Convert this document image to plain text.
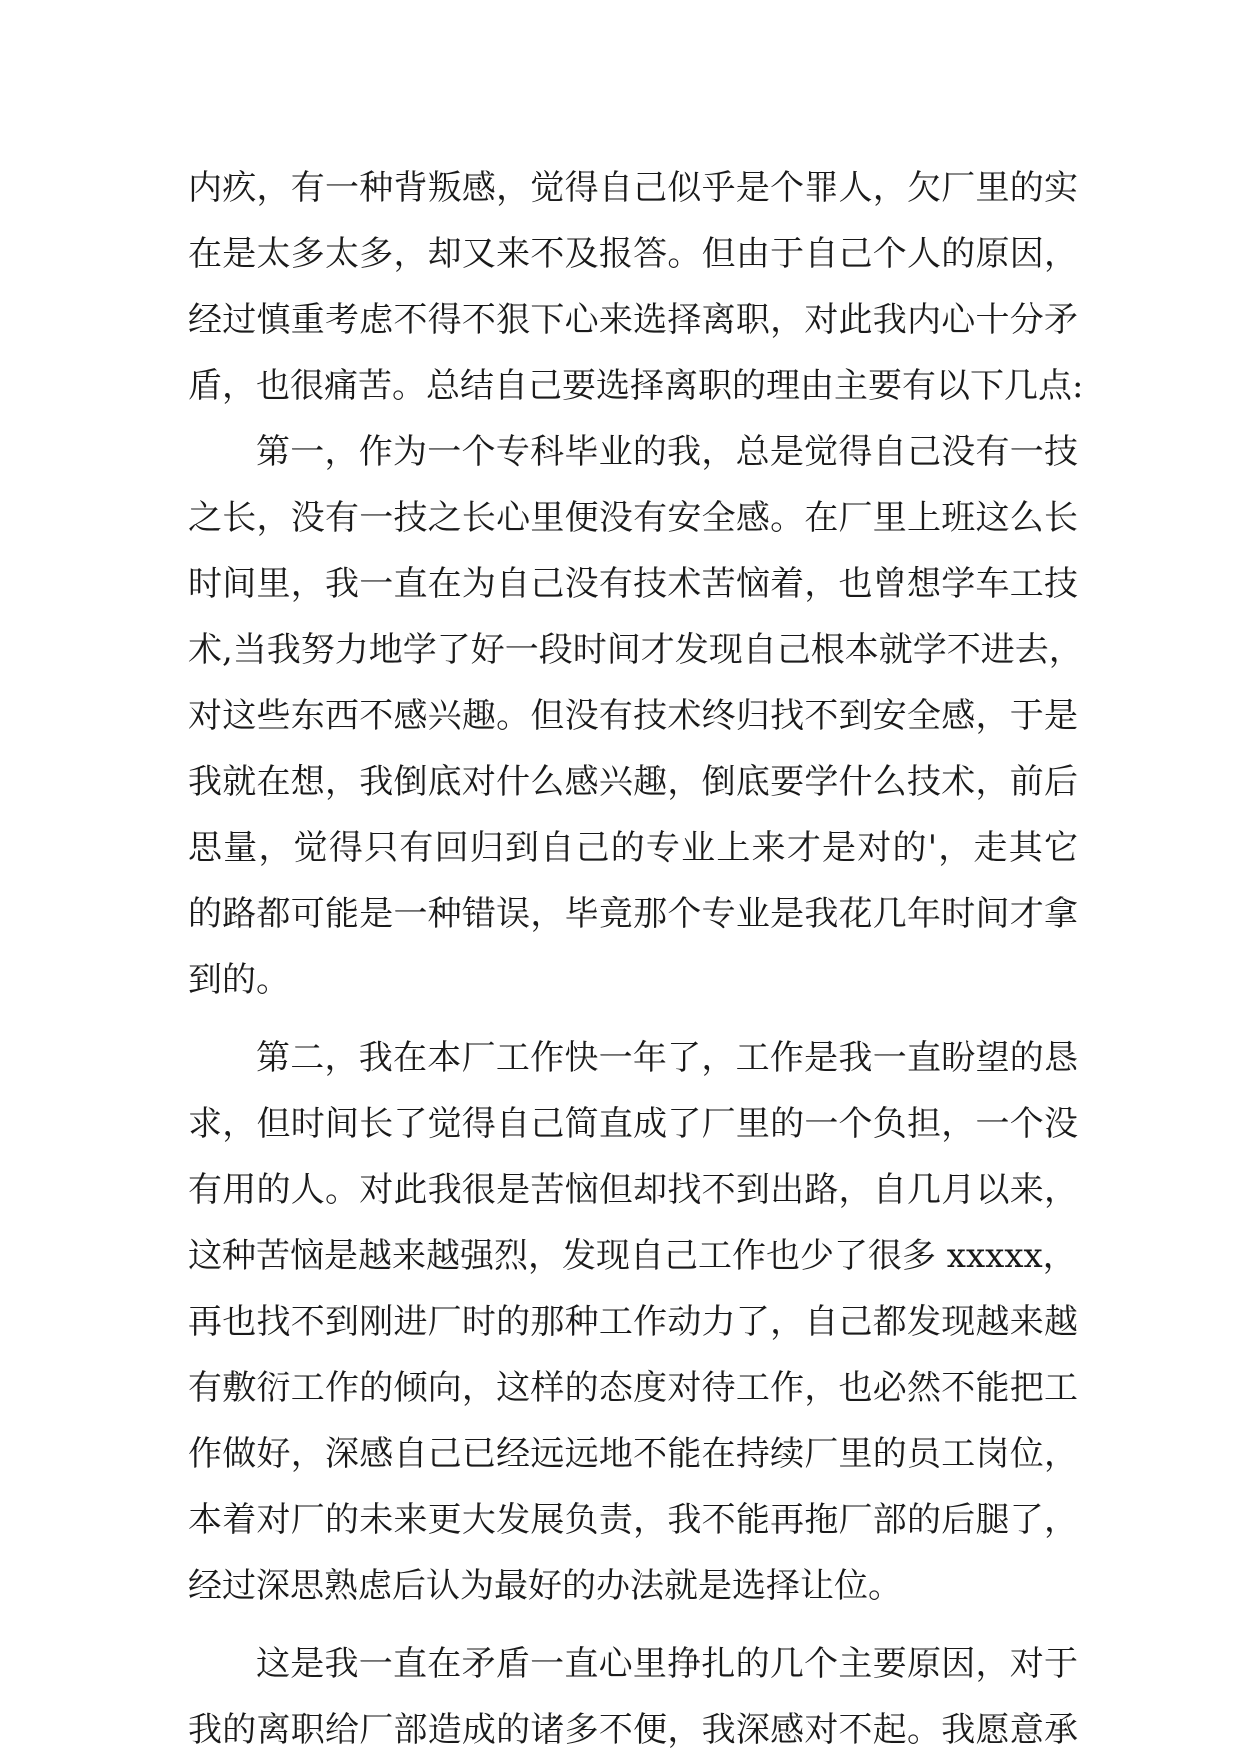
内疚，有一种背叛感，觉得自己似乎是个罪人，欠厂里的实

在是太多太多，却又来不及报答。但由于自己个人的原因，

经过慎重考虑不得不狠下心来选择离职，对此我内心十分矛

盾，也很痛苦。总结自己要选择离职的理由主要有以下几点:

第一，作为一个专科毕业的我，总是觉得自己没有一技

之长，没有一技之长心里便没有安全感。在厂里上班这么长

时间里，我一直在为自己没有技术苦恼着，也曾想学车工技

术,当我努力地学了好一段时间才发现自己根本就学不进去，

对这些东西不感兴趣。但没有技术终归找不到安全感，于是

我就在想，我倒底对什么感兴趣，倒底要学什么技术，前后

思量，觉得只有回归到自己的专业上来才是对的'，走其它

的路都可能是一种错误，毕竟那个专业是我花几年时间才拿

到的。

第二，我在本厂工作快一年了，工作是我一直盼望的恳

求，但时间长了觉得自己简直成了厂里的一个负担，一个没

有用的人。对此我很是苦恼但却找不到出路，自几月以来，

这种苦恼是越来越强烈，发现自己工作也少了很多 xxxxx，

再也找不到刚进厂时的那种工作动力了，自己都发现越来越

有敷衍工作的倾向，这样的态度对待工作，也必然不能把工

作做好，深感自己已经远远地不能在持续厂里的员工岗位，

本着对厂的未来更大发展负责，我不能再拖厂部的后腿了，

经过深思熟虑后认为最好的办法就是选择让位。

这是我一直在矛盾一直心里挣扎的几个主要原因，对于

我的离职给厂部造成的诸多不便，我深感对不起。我愿意承
